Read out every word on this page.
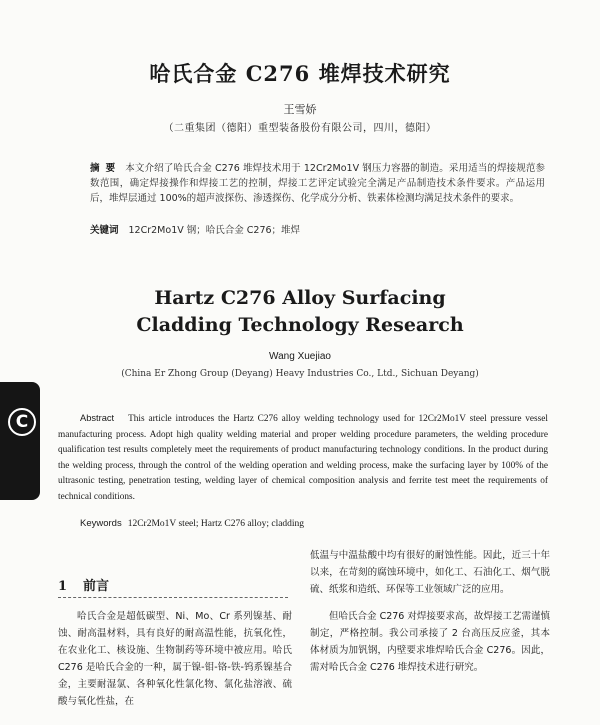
哈氏合金 C276 堆焊技术研究
王雪娇
（二重集团（德阳）重型装备股份有限公司，四川，德阳）
摘要 本文介绍了哈氏合金 C276 堆焊技术用于 12Cr2Mo1V 钢压力容器的制造。采用适当的焊接规范参数范围，确定焊接操作和焊接工艺的控制，焊接工艺评定试验完全满足产品制造技术条件要求。产品运用后，堆焊层通过 100%的超声波探伤、渗透探伤、化学成分分析、铁素体检测均满足技术条件的要求。
关键词 12Cr2Mo1V 钢；哈氏合金 C276；堆焊
Hartz C276 Alloy Surfacing
Cladding Technology Research
Wang Xuejiao
(China Er Zhong Group (Deyang) Heavy Industries Co., Ltd., Sichuan Deyang)
C	Abstract This article introduces the Hartz C276 alloy welding technology used for 12Cr2Mo1V steel pressure vessel manufacturing process. Adopt high quality welding material and proper welding procedure parameters, the welding procedure qualification test results completely meet the requirements of product manufacturing technology conditions. In the product during the welding process, through the control of the welding operation and welding process, make the surfacing layer by 100% of the ultrasonic testing, penetration testing, welding layer of chemical composition analysis and ferrite test meet the requirements of technical conditions.
Keywords 12Cr2Mo1V steel; Hartz C276 alloy; cladding
1 前言
哈氏合金是超低碳型、Ni、Mo、Cr 系列镍基、耐蚀、耐高温材料，具有良好的耐高温性能，抗氧化性，在农业化工、核设施、生物制药等环境中被应用。哈氏 C276 是哈氏合金的一种，属于镍-钼-铬-铁-钨系镍基合金，主要耐湿氯、各种氧化性氯化物、氯化盐溶液、硫酸与氧化性盐，在

低温与中温盐酸中均有很好的耐蚀性能。因此，近三十年以来，在苛刻的腐蚀环境中，如化工、石油化工、烟气脱硫、纸浆和造纸、环保等工业领域广泛的应用。

但哈氏合金 C276 对焊接要求高，故焊接工艺需谨慎制定，严格控制。我公司承接了 2 台高压反应釜，其本体材质为加钒钢，内壁要求堆焊哈氏合金 C276。因此，需对哈氏合金 C276 堆焊技术进行研究。
